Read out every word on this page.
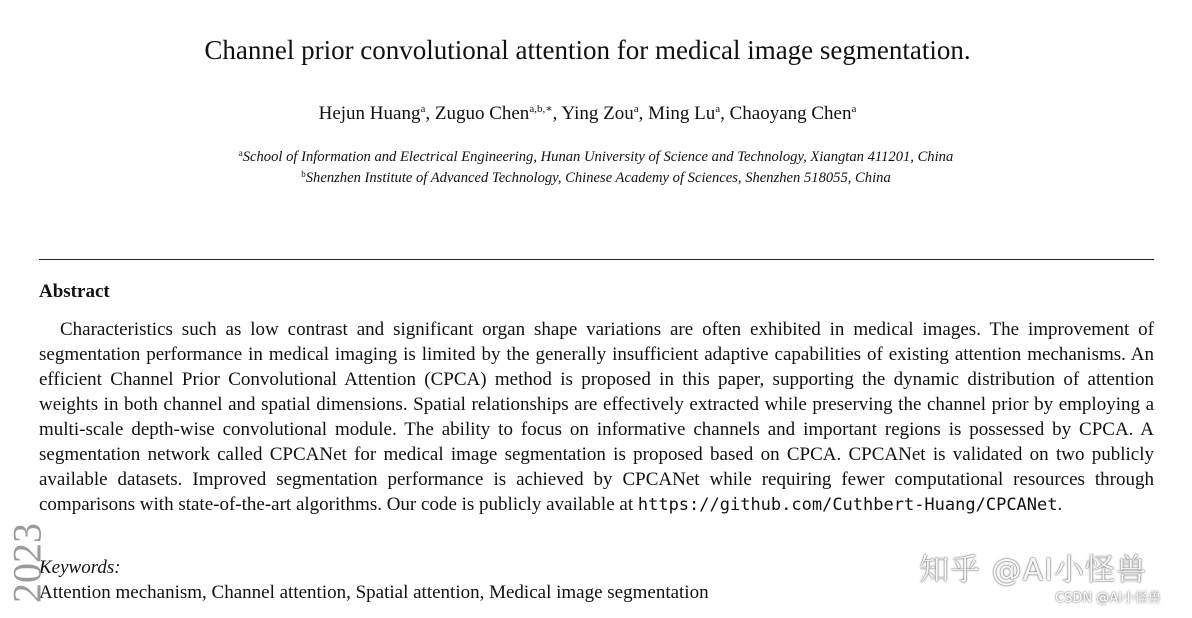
Channel prior convolutional attention for medical image segmentation.
Hejun Huang$^a$, Zuguo Chen$^{a,b,∗}$, Ying Zou$^a$, Ming Lu$^a$, Chaoyang Chen$^a$
$^a$School of Information and Electrical Engineering, Hunan University of Science and Technology, Xiangtan 411201, China
$^b$Shenzhen Institute of Advanced Technology, Chinese Academy of Sciences, Shenzhen 518055, China
Abstract
Characteristics such as low contrast and significant organ shape variations are often exhibited in medical images. The improvement of segmentation performance in medical imaging is limited by the generally insufficient adaptive capabilities of existing attention mechanisms. An efficient Channel Prior Convolutional Attention (CPCA) method is proposed in this paper, supporting the dynamic distribution of attention weights in both channel and spatial dimensions. Spatial relationships are effectively extracted while preserving the channel prior by employing a multi-scale depth-wise convolutional module. The ability to focus on informative channels and important regions is possessed by CPCA. A segmentation network called CPCANet for medical image segmentation is proposed based on CPCA. CPCANet is validated on two publicly available datasets. Improved segmentation performance is achieved by CPCANet while requiring fewer computational resources through comparisons with state-of-the-art algorithms. Our code is publicly available at https://github.com/Cuthbert-Huang/CPCANet.
Keywords:
Attention mechanism, Channel attention, Spatial attention, Medical image segmentation
2023	知乎 @AI小怪兽
CSDN @AI小怪兽
